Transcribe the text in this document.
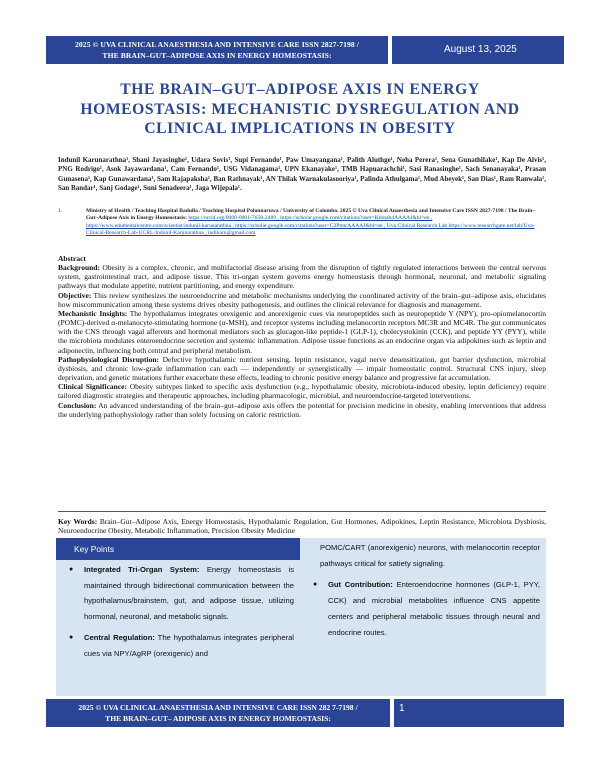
2025 © UVA CLINICAL ANAESTHESIA AND INTENSIVE CARE ISSN 2827-7198 /
THE BRAIN–GUT–ADIPOSE AXIS IN ENERGY HOMEOSTASIS:
August 13, 2025
THE BRAIN–GUT–ADIPOSE AXIS IN ENERGY HOMEOSTASIS: MECHANISTIC DYSREGULATION AND CLINICAL IMPLICATIONS IN OBESITY
Indunil Karunarathna¹, Shani Jayasinghe¹, Udara Sovis¹, Supi Fernando¹, Paw Umayangana¹, Palith Aluthge¹, Neha Perera¹, Sena Gunathilake¹, Kap De Alvis¹, PNG Rodrigo¹, Asok Jayawardana¹, Cam Fernando¹, USG Vidanagama¹, UPN Ekanayake¹, TMB Hapuarachchi¹, Sasi Ranasinghe¹, Sach Senanayaka¹, Prasan Gunasena¹, Kap Gunawardana¹, Sam Rajapaksha¹, Ban Rathnayak¹, AN Thilak Warnakulasooriya¹, Palinda Athulgama¹, Mud Abeyek¹, San Dias¹, Ram Ranwala¹, San Bandar¹, Sanj Godage¹, Suni Senadeera¹, Jaga Wijepala¹.
1.	Ministry of Health / Teaching Hospital Badulla / Teaching Hospital Polonnaruwa / University of Colombo. 2025 © Uva Clinical Anaesthesia and Intensive Care ISSN 2827-7198 / The Brain–Gut–Adipose Axis in Energy Homeostasis: https://orcid.org/0000-0001-7658-2489 , https://scholar.google.com/citations?user=Kmnab4AAAAJ&hl=en , https://www.edumentalcentre.com/scientist/indunil-karunarathna , https://scholar.google.com/citations?user=C2PtmrAAAAJ&hl=en , Uva Clinical Research Lab https://www.researchgate.net/lab/Uva-Clinical-Research-Lab-UCRL-Indunil-Karunarathna , indikaru@gmail.com

Abstract

Background: Obesity is a complex, chronic, and multifactorial disease arising from the disruption of tightly regulated interactions between the central nervous system, gastrointestinal tract, and adipose tissue. This tri-organ system governs energy homeostasis through hormonal, neuronal, and metabolic signaling pathways that modulate appetite, nutrient partitioning, and energy expenditure.

Objective: This review synthesizes the neuroendocrine and metabolic mechanisms underlying the coordinated activity of the brain–gut–adipose axis, elucidates how miscommunication among these systems drives obesity pathogenesis, and outlines the clinical relevance for diagnosis and management.

Mechanistic Insights: The hypothalamus integrates orexigenic and anorexigenic cues via neuropeptides such as neuropeptide Y (NPY), pro-opiomelanocortin (POMC)-derived α-melanocyte-stimulating hormone (α-MSH), and receptor systems including melanocortin receptors MC3R and MC4R. The gut communicates with the CNS through vagal afferents and hormonal mediators such as glucagon-like peptide-1 (GLP-1), cholecystokinin (CCK), and peptide YY (PYY), while the microbiota modulates enteroendocrine secretion and systemic inflammation. Adipose tissue functions as an endocrine organ via adipokines such as leptin and adiponectin, influencing both central and peripheral metabolism.

Pathophysiological Disruption: Defective hypothalamic nutrient sensing, leptin resistance, vagal nerve desensitization, gut barrier dysfunction, microbial dysbiosis, and chronic low-grade inflammation can each — independently or synergistically — impair homeostatic control. Structural CNS injury, sleep deprivation, and genetic mutations further exacerbate these effects, leading to chronic positive energy balance and progressive fat accumulation.

Clinical Significance: Obesity subtypes linked to specific axis dysfunction (e.g., hypothalamic obesity, microbiota-induced obesity, leptin deficiency) require tailored diagnostic strategies and therapeutic approaches, including pharmacologic, microbial, and neuroendocrine-targeted interventions.

Conclusion: An advanced understanding of the brain–gut–adipose axis offers the potential for precision medicine in obesity, enabling interventions that address the underlying pathophysiology rather than solely focusing on caloric restriction.

Key Words: Brain–Gut–Adipose Axis, Energy Homeostasis, Hypothalamic Regulation, Gut Hormones, Adipokines, Leptin Resistance, Microbiota Dysbiosis, Neuroendocrine Obesity, Metabolic Inflammation, Precision Obesity Medicine
Key Points
● Integrated Tri-Organ System: Energy homeostasis is maintained through bidirectional communication between the hypothalamus/brainstem, gut, and adipose tissue, utilizing hormonal, neuronal, and metabolic signals.
● Central Regulation: The hypothalamus integrates peripheral cues via NPY/AgRP (orexigenic) and
POMC/CART (anorexigenic) neurons, with melanocortin receptor pathways critical for satiety signaling.
● Gut Contribution: Enteroendocrine hormones (GLP-1, PYY, CCK) and microbial metabolites influence CNS appetite centers and peripheral metabolic tissues through neural and endocrine routes.
2025 © UVA CLINICAL ANAESTHESIA AND INTENSIVE CARE ISSN 282 7-7198 /
THE BRAIN–GUT– ADIPOSE AXIS IN ENERGY HOMEOSTASIS:
1
